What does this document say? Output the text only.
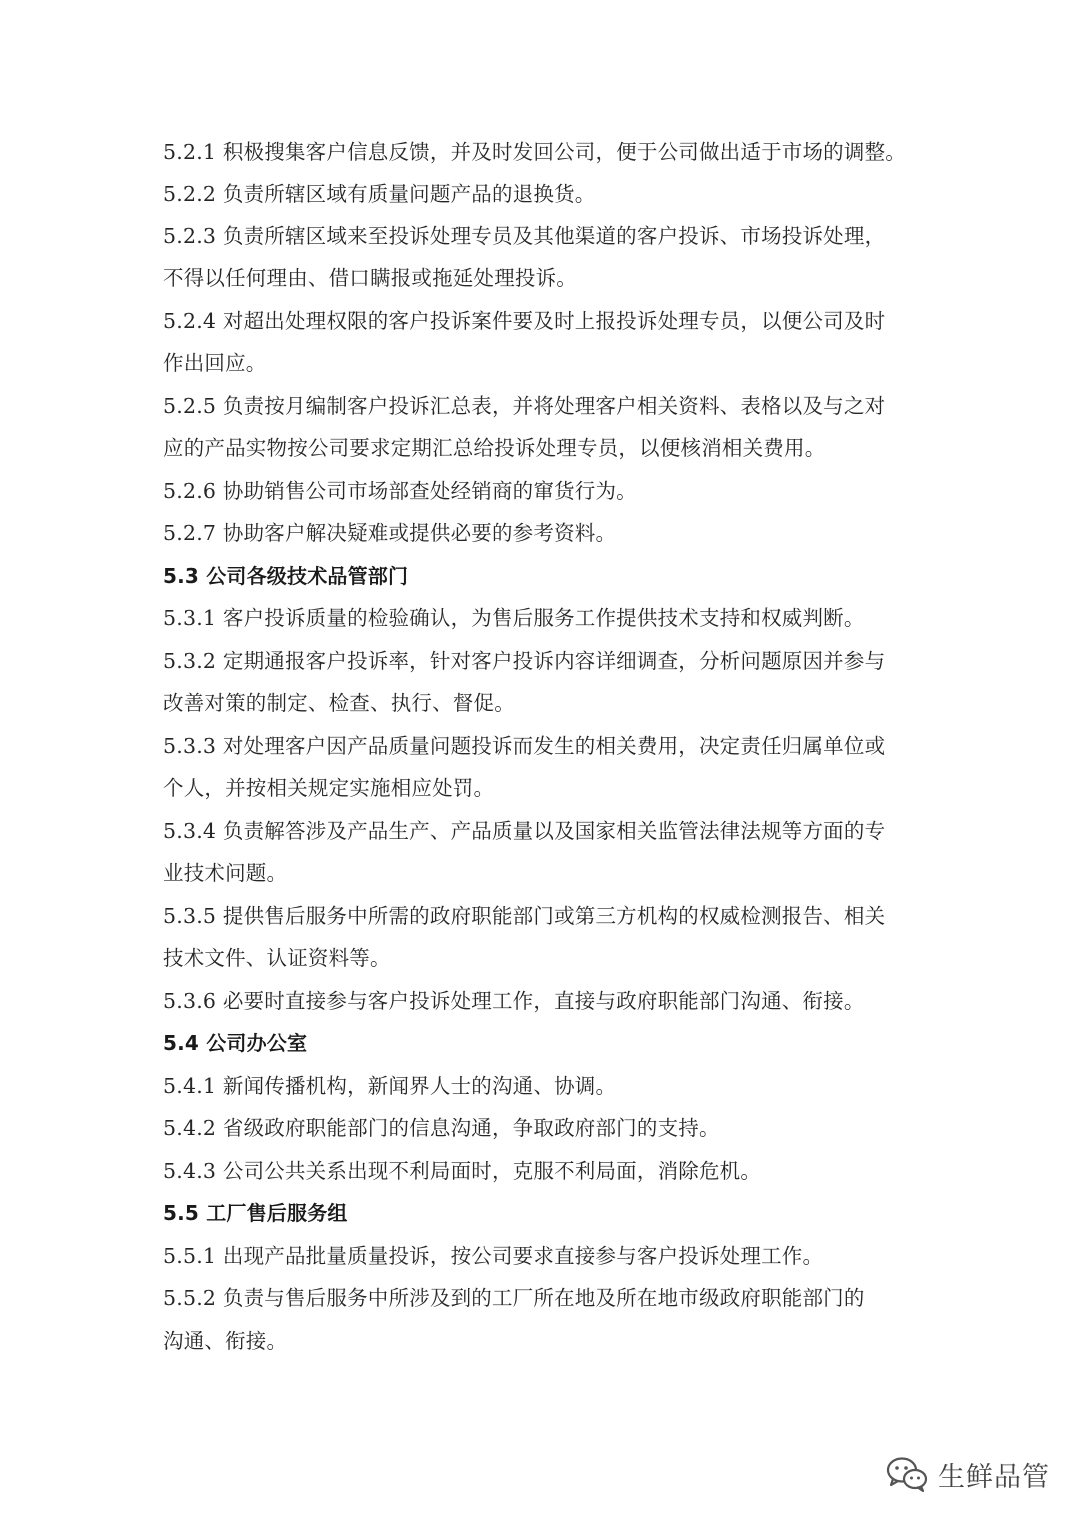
5.2.1 积极搜集客户信息反馈，并及时发回公司，便于公司做出适于市场的调整。
5.2.2 负责所辖区域有质量问题产品的退换货。
5.2.3 负责所辖区域来至投诉处理专员及其他渠道的客户投诉、市场投诉处理，
不得以任何理由、借口瞒报或拖延处理投诉。
5.2.4 对超出处理权限的客户投诉案件要及时上报投诉处理专员，以便公司及时
作出回应。
5.2.5 负责按月编制客户投诉汇总表，并将处理客户相关资料、表格以及与之对
应的产品实物按公司要求定期汇总给投诉处理专员，以便核消相关费用。
5.2.6 协助销售公司市场部查处经销商的窜货行为。
5.2.7 协助客户解决疑难或提供必要的参考资料。
5.3 公司各级技术品管部门
5.3.1 客户投诉质量的检验确认，为售后服务工作提供技术支持和权威判断。
5.3.2 定期通报客户投诉率，针对客户投诉内容详细调查，分析问题原因并参与
改善对策的制定、检查、执行、督促。
5.3.3 对处理客户因产品质量问题投诉而发生的相关费用，决定责任归属单位或
个人，并按相关规定实施相应处罚。
5.3.4 负责解答涉及产品生产、产品质量以及国家相关监管法律法规等方面的专
业技术问题。
5.3.5 提供售后服务中所需的政府职能部门或第三方机构的权威检测报告、相关
技术文件、认证资料等。
5.3.6 必要时直接参与客户投诉处理工作，直接与政府职能部门沟通、衔接。
5.4 公司办公室
5.4.1 新闻传播机构，新闻界人士的沟通、协调。
5.4.2 省级政府职能部门的信息沟通，争取政府部门的支持。
5.4.3 公司公共关系出现不利局面时，克服不利局面，消除危机。
5.5 工厂售后服务组
5.5.1 出现产品批量质量投诉，按公司要求直接参与客户投诉处理工作。
5.5.2 负责与售后服务中所涉及到的工厂所在地及所在地市级政府职能部门的
沟通、衔接。
生鲜品管
